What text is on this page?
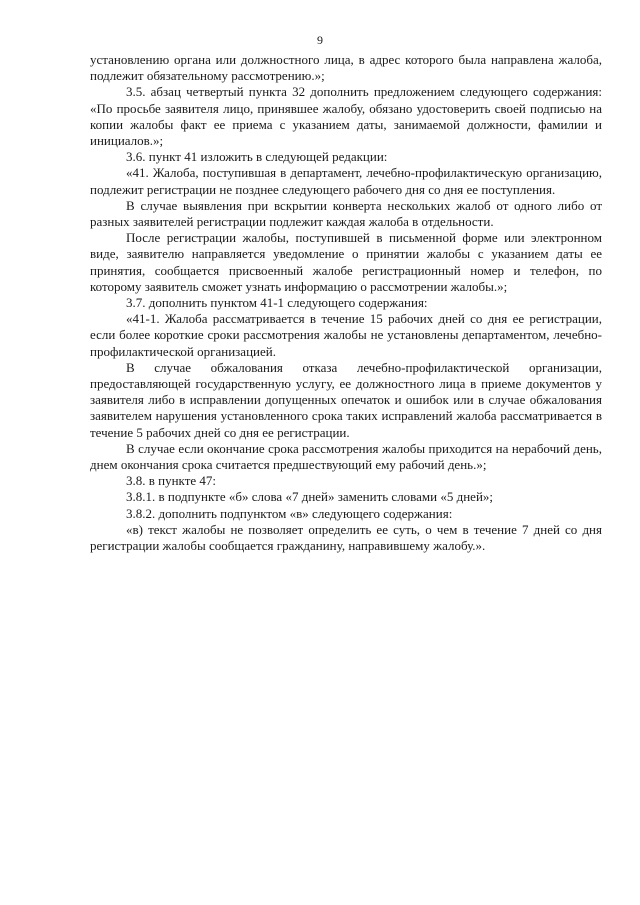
9

установлению органа или должностного лица, в адрес которого была направлена жалоба, подлежит обязательному рассмотрению.»;

3.5. абзац четвертый пункта 32 дополнить предложением следующего содержания: «По просьбе заявителя лицо, принявшее жалобу, обязано удостоверить своей подписью на копии жалобы факт ее приема с указанием даты, занимаемой должности, фамилии и инициалов.»;

3.6. пункт 41 изложить в следующей редакции:

«41. Жалоба, поступившая в департамент, лечебно-профилактическую организацию, подлежит регистрации не позднее следующего рабочего дня со дня ее поступления.

В случае выявления при вскрытии конверта нескольких жалоб от одного либо от разных заявителей регистрации подлежит каждая жалоба в отдельности.

После регистрации жалобы, поступившей в письменной форме или электронном виде, заявителю направляется уведомление о принятии жалобы с указанием даты ее принятия, сообщается присвоенный жалобе регистрационный номер и телефон, по которому заявитель сможет узнать информацию о рассмотрении жалобы.»;

3.7. дополнить пунктом 41-1 следующего содержания:

«41-1. Жалоба рассматривается в течение 15 рабочих дней со дня ее регистрации, если более короткие сроки рассмотрения жалобы не установлены департаментом, лечебно-профилактической организацией.

В случае обжалования отказа лечебно-профилактической организации, предоставляющей государственную услугу, ее должностного лица в приеме документов у заявителя либо в исправлении допущенных опечаток и ошибок или в случае обжалования заявителем нарушения установленного срока таких исправлений жалоба рассматривается в течение 5 рабочих дней со дня ее регистрации.

В случае если окончание срока рассмотрения жалобы приходится на нерабочий день, днем окончания срока считается предшествующий ему рабочий день.»;

3.8. в пункте 47:

3.8.1. в подпункте «б» слова «7 дней» заменить словами «5 дней»;

3.8.2. дополнить подпунктом «в» следующего содержания:

«в) текст жалобы не позволяет определить ее суть, о чем в течение 7 дней со дня регистрации жалобы сообщается гражданину, направившему жалобу.».
